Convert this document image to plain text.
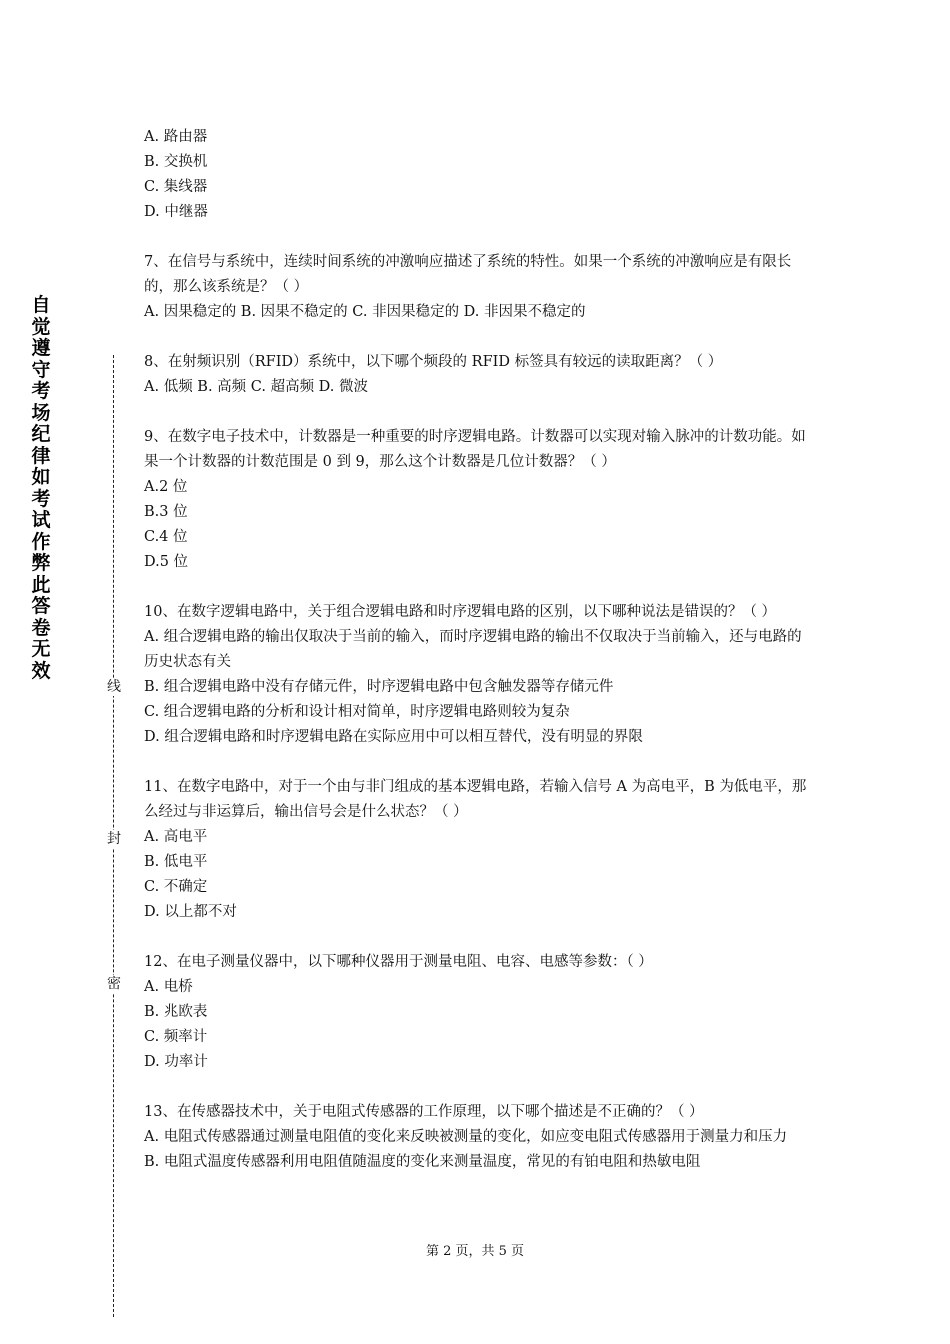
自觉遵守考场纪律如考试作弊此答卷无效
线
封
密

A. 路由器

B. 交换机

C. 集线器

D. 中继器

7、在信号与系统中，连续时间系统的冲激响应描述了系统的特性。如果一个系统的冲激响应是有限长的，那么该系统是？（ ）

A. 因果稳定的 B. 因果不稳定的 C. 非因果稳定的 D. 非因果不稳定的

8、在射频识别（RFID）系统中，以下哪个频段的 RFID 标签具有较远的读取距离？（ ）

A. 低频 B. 高频 C. 超高频 D. 微波

9、在数字电子技术中，计数器是一种重要的时序逻辑电路。计数器可以实现对输入脉冲的计数功能。如果一个计数器的计数范围是 0 到 9，那么这个计数器是几位计数器？（ ）

A.2 位

B.3 位

C.4 位

D.5 位

10、在数字逻辑电路中，关于组合逻辑电路和时序逻辑电路的区别，以下哪种说法是错误的？（ ）

A. 组合逻辑电路的输出仅取决于当前的输入，而时序逻辑电路的输出不仅取决于当前输入，还与电路的历史状态有关

B. 组合逻辑电路中没有存储元件，时序逻辑电路中包含触发器等存储元件

C. 组合逻辑电路的分析和设计相对简单，时序逻辑电路则较为复杂

D. 组合逻辑电路和时序逻辑电路在实际应用中可以相互替代，没有明显的界限

11、在数字电路中，对于一个由与非门组成的基本逻辑电路，若输入信号 A 为高电平，B 为低电平，那么经过与非运算后，输出信号会是什么状态？（ ）

A. 高电平

B. 低电平

C. 不确定

D. 以上都不对

12、在电子测量仪器中，以下哪种仪器用于测量电阻、电容、电感等参数：（ ）

A. 电桥

B. 兆欧表

C. 频率计

D. 功率计

13、在传感器技术中，关于电阻式传感器的工作原理，以下哪个描述是不正确的？（ ）

A. 电阻式传感器通过测量电阻值的变化来反映被测量的变化，如应变电阻式传感器用于测量力和压力

B. 电阻式温度传感器利用电阻值随温度的变化来测量温度，常见的有铂电阻和热敏电阻

第 2 页，共 5 页
